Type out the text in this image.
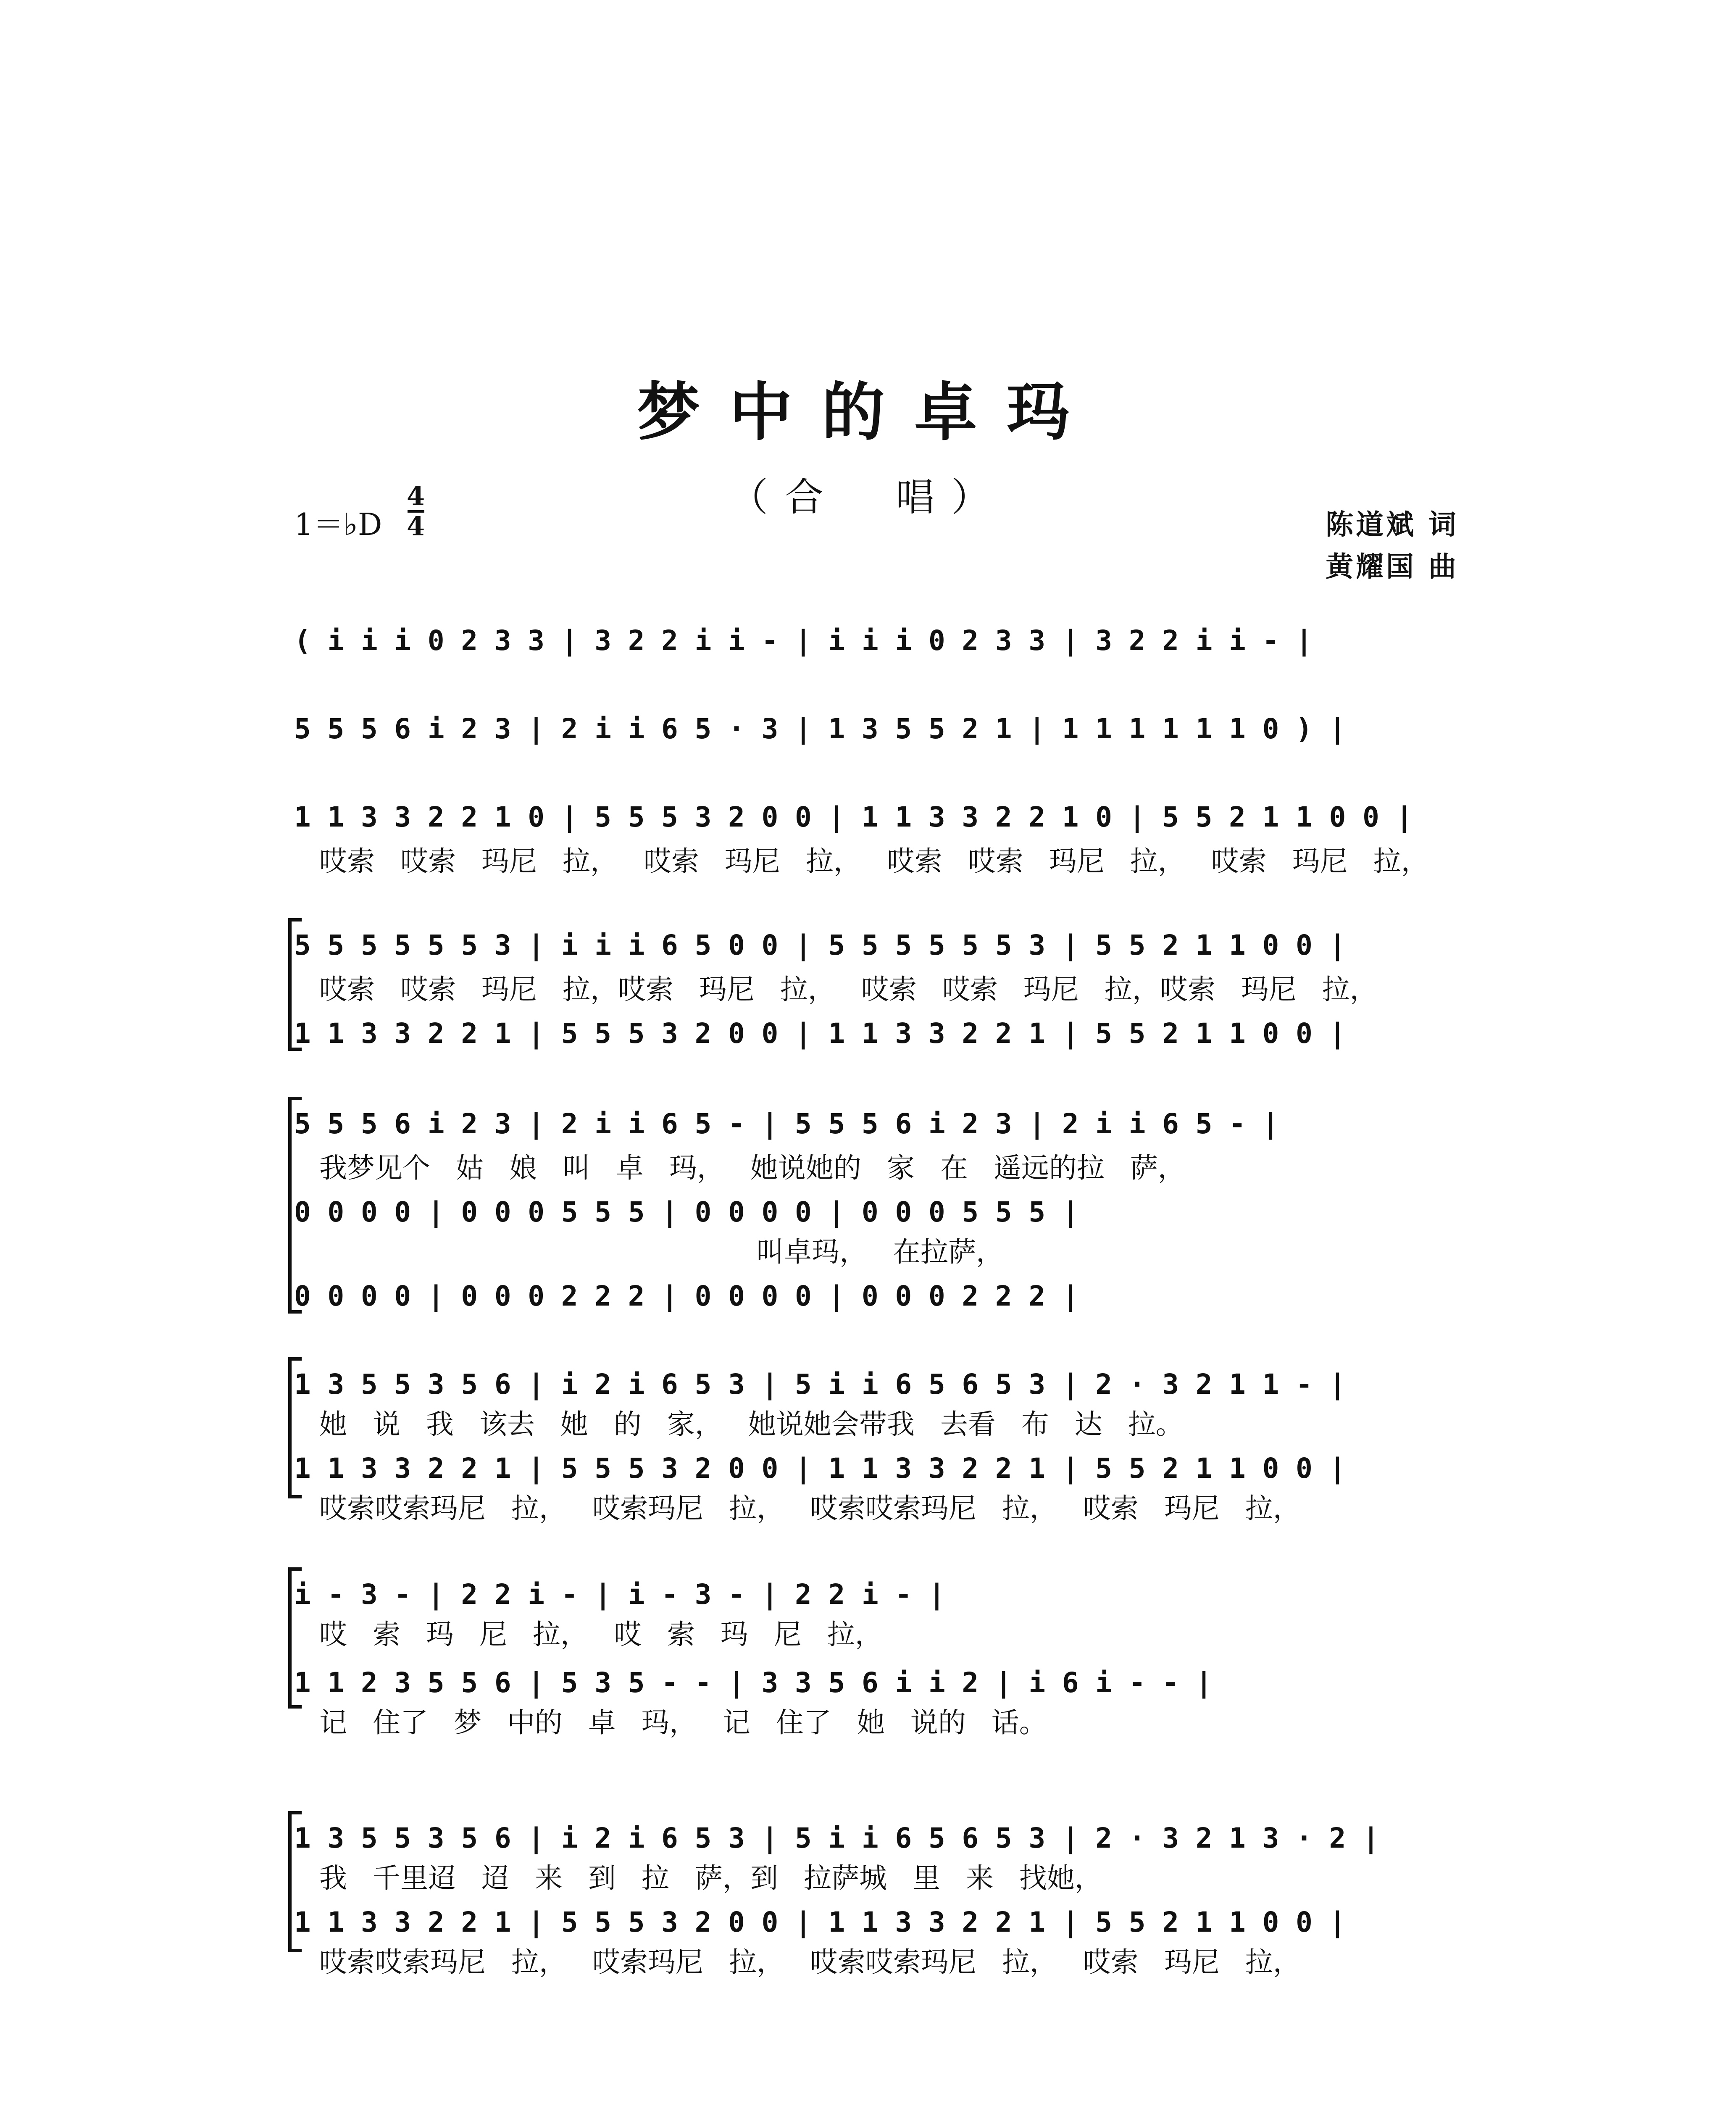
梦中的卓玛
（合　唱）
1＝♭D
4
4	陈道斌 词
黄耀国 曲
( i i i 0 2 3 3 | 3 2 2 i i - | i i i 0 2 3 3 | 3 2 2 i i - |
5 5 5 6 i 2 3 | 2 i i 6 5 · 3 | 1 3 5 5 2 1 | 1 1 1 1 1 1 0 ) |
1 1 3 3 2 2 1 0 | 5 5 5 3 2 0 0 | 1 1 3 3 2 2 1 0 | 5 5 2 1 1 0 0 |
哎索 哎索 玛尼 拉， 哎索 玛尼 拉， 哎索 哎索 玛尼 拉， 哎索 玛尼 拉，
5 5 5 5 5 5 3 | i i i 6 5 0 0 | 5 5 5 5 5 5 3 | 5 5 2 1 1 0 0 |
哎索 哎索 玛尼 拉，哎索 玛尼 拉， 哎索 哎索 玛尼 拉，哎索 玛尼 拉，
1 1 3 3 2 2 1 | 5 5 5 3 2 0 0 | 1 1 3 3 2 2 1 | 5 5 2 1 1 0 0 |
5 5 5 6 i 2 3 | 2 i i 6 5 - | 5 5 5 6 i 2 3 | 2 i i 6 5 - |
我梦见个 姑 娘 叫 卓 玛， 她说她的 家 在 遥远的拉 萨，
0 0 0 0 | 0 0 0 5 5 5 | 0 0 0 0 | 0 0 0 5 5 5 |
叫卓玛， 在拉萨，
0 0 0 0 | 0 0 0 2 2 2 | 0 0 0 0 | 0 0 0 2 2 2 |
1 3 5 5 3 5 6 | i 2 i 6 5 3 | 5 i i 6 5 6 5 3 | 2 · 3 2 1 1 - |
她 说 我 该去 她 的 家， 她说她会带我 去看 布 达 拉。
1 1 3 3 2 2 1 | 5 5 5 3 2 0 0 | 1 1 3 3 2 2 1 | 5 5 2 1 1 0 0 |
哎索哎索玛尼 拉， 哎索玛尼 拉， 哎索哎索玛尼 拉， 哎索 玛尼 拉，
i - 3 - | 2 2 i - | i - 3 - | 2 2 i - |
哎 索 玛 尼 拉， 哎 索 玛 尼 拉，
1 1 2 3 5 5 6 | 5 3 5 - - | 3 3 5 6 i i 2 | i 6 i - - |
记 住了 梦 中的 卓 玛， 记 住了 她 说的 话。
1 3 5 5 3 5 6 | i 2 i 6 5 3 | 5 i i 6 5 6 5 3 | 2 · 3 2 1 3 · 2 |
我 千里迢 迢 来 到 拉 萨，到 拉萨城 里 来 找她，
1 1 3 3 2 2 1 | 5 5 5 3 2 0 0 | 1 1 3 3 2 2 1 | 5 5 2 1 1 0 0 |
哎索哎索玛尼 拉， 哎索玛尼 拉， 哎索哎索玛尼 拉， 哎索 玛尼 拉，
